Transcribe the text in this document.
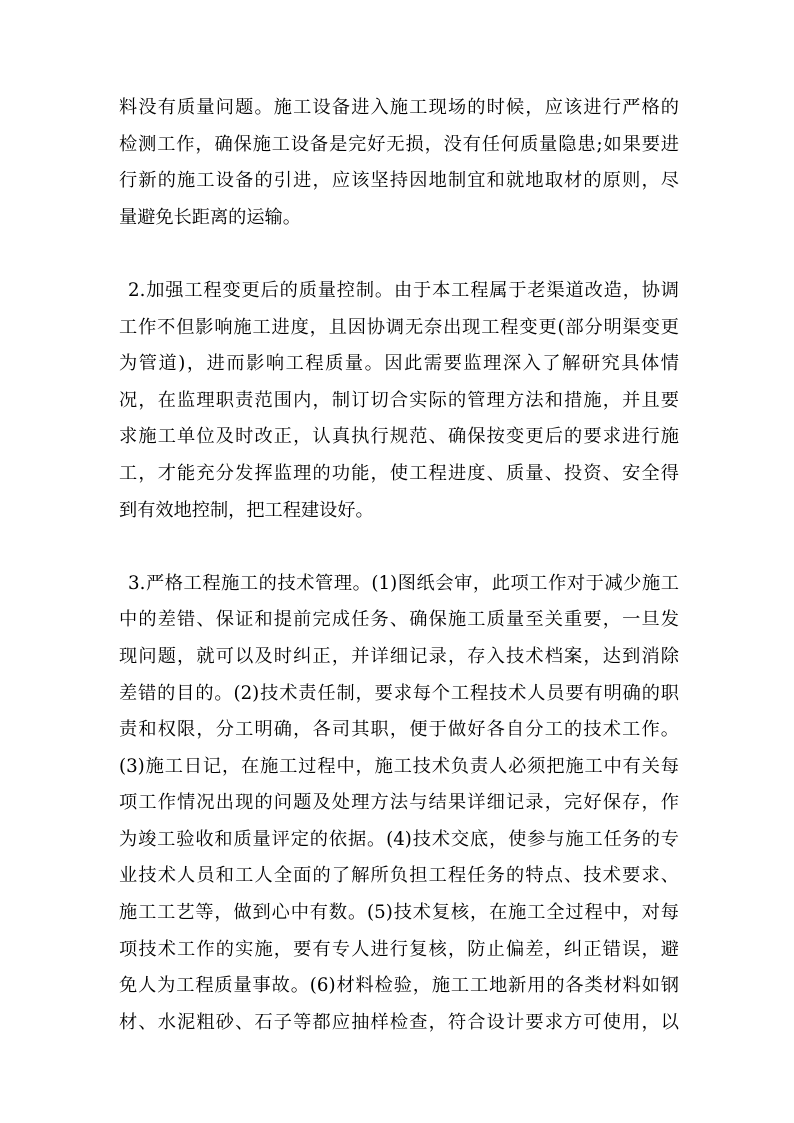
料没有质量问题。施工设备进入施工现场的时候，应该进行严格的
检测工作，确保施工设备是完好无损，没有任何质量隐患;如果要进
行新的施工设备的引进，应该坚持因地制宜和就地取材的原则，尽
量避免长距离的运输。
2.加强工程变更后的质量控制。由于本工程属于老渠道改造，协调
工作不但影响施工进度，且因协调无奈出现工程变更(部分明渠变更
为管道)，进而影响工程质量。因此需要监理深入了解研究具体情
况，在监理职责范围内，制订切合实际的管理方法和措施，并且要
求施工单位及时改正，认真执行规范、确保按变更后的要求进行施
工，才能充分发挥监理的功能，使工程进度、质量、投资、安全得
到有效地控制，把工程建设好。
3.严格工程施工的技术管理。(1)图纸会审，此项工作对于减少施工
中的差错、保证和提前完成任务、确保施工质量至关重要，一旦发
现问题，就可以及时纠正，并详细记录，存入技术档案，达到消除
差错的目的。(2)技术责任制，要求每个工程技术人员要有明确的职
责和权限，分工明确，各司其职，便于做好各自分工的技术工作。
(3)施工日记，在施工过程中，施工技术负责人必须把施工中有关每
项工作情况出现的问题及处理方法与结果详细记录，完好保存，作
为竣工验收和质量评定的依据。(4)技术交底，使参与施工任务的专
业技术人员和工人全面的了解所负担工程任务的特点、技术要求、
施工工艺等，做到心中有数。(5)技术复核，在施工全过程中，对每
项技术工作的实施，要有专人进行复核，防止偏差，纠正错误，避
免人为工程质量事故。(6)材料检验，施工工地新用的各类材料如钢
材、水泥粗砂、石子等都应抽样检查，符合设计要求方可使用，以
